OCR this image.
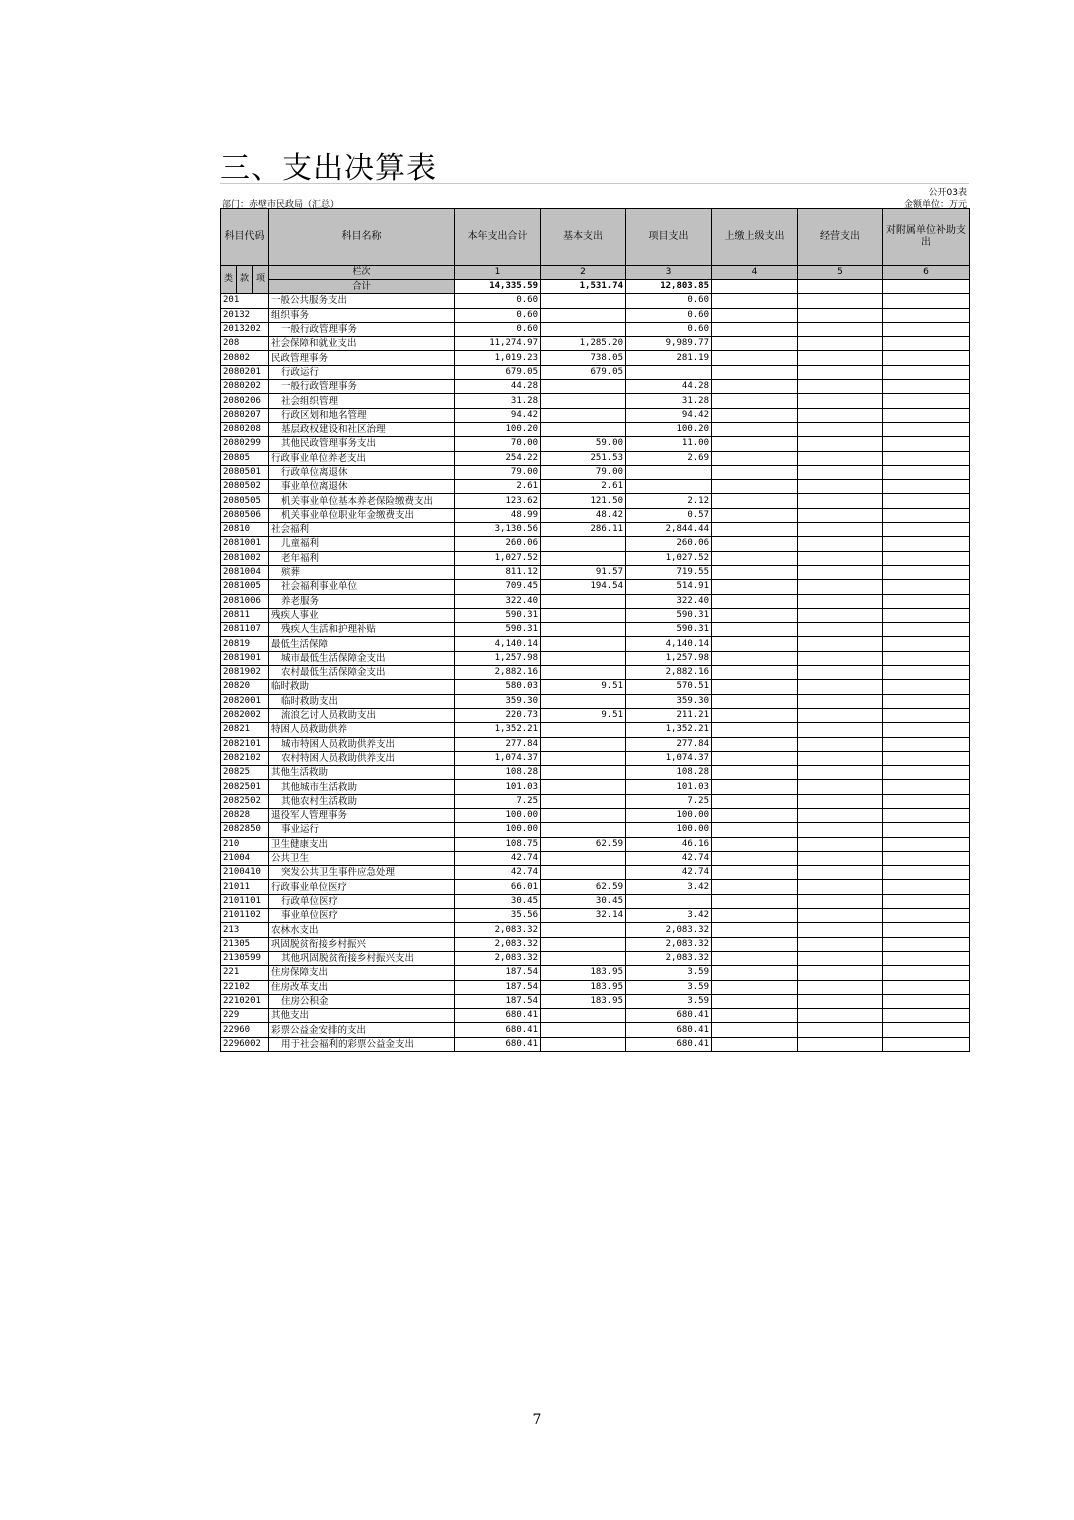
三、支出决算表
公开03表
部门：赤壁市民政局（汇总）	金额单位：万元
科目代码			科目名称	本年支出合计	基本支出	项目支出	上缴上级支出	经营支出	对附属单位补助支出
类	款	项	栏次	1	2	3	4	5	6
			合计	14,335.59	1,531.74	12,803.85			
201			一般公共服务支出	0.60		0.60			
20132			组织事务	0.60		0.60			
2013202			一般行政管理事务	0.60		0.60			
208			社会保障和就业支出	11,274.97	1,285.20	9,989.77			
20802			民政管理事务	1,019.23	738.05	281.19			
2080201			行政运行	679.05	679.05				
2080202			一般行政管理事务	44.28		44.28			
2080206			社会组织管理	31.28		31.28			
2080207			行政区划和地名管理	94.42		94.42			
2080208			基层政权建设和社区治理	100.20		100.20			
2080299			其他民政管理事务支出	70.00	59.00	11.00			
20805			行政事业单位养老支出	254.22	251.53	2.69			
2080501			行政单位离退休	79.00	79.00				
2080502			事业单位离退休	2.61	2.61				
2080505			机关事业单位基本养老保险缴费支出	123.62	121.50	2.12			
2080506			机关事业单位职业年金缴费支出	48.99	48.42	0.57			
20810			社会福利	3,130.56	286.11	2,844.44			
2081001			儿童福利	260.06		260.06			
2081002			老年福利	1,027.52		1,027.52			
2081004			殡葬	811.12	91.57	719.55			
2081005			社会福利事业单位	709.45	194.54	514.91			
2081006			养老服务	322.40		322.40			
20811			残疾人事业	590.31		590.31			
2081107			残疾人生活和护理补贴	590.31		590.31			
20819			最低生活保障	4,140.14		4,140.14			
2081901			城市最低生活保障金支出	1,257.98		1,257.98			
2081902			农村最低生活保障金支出	2,882.16		2,882.16			
20820			临时救助	580.03	9.51	570.51			
2082001			临时救助支出	359.30		359.30			
2082002			流浪乞讨人员救助支出	220.73	9.51	211.21			
20821			特困人员救助供养	1,352.21		1,352.21			
2082101			城市特困人员救助供养支出	277.84		277.84			
2082102			农村特困人员救助供养支出	1,074.37		1,074.37			
20825			其他生活救助	108.28		108.28			
2082501			其他城市生活救助	101.03		101.03			
2082502			其他农村生活救助	7.25		7.25			
20828			退役军人管理事务	100.00		100.00			
2082850			事业运行	100.00		100.00			
210			卫生健康支出	108.75	62.59	46.16			
21004			公共卫生	42.74		42.74			
2100410			突发公共卫生事件应急处理	42.74		42.74			
21011			行政事业单位医疗	66.01	62.59	3.42			
2101101			行政单位医疗	30.45	30.45				
2101102			事业单位医疗	35.56	32.14	3.42			
213			农林水支出	2,083.32		2,083.32			
21305			巩固脱贫衔接乡村振兴	2,083.32		2,083.32			
2130599			其他巩固脱贫衔接乡村振兴支出	2,083.32		2,083.32			
221			住房保障支出	187.54	183.95	3.59			
22102			住房改革支出	187.54	183.95	3.59			
2210201			住房公积金	187.54	183.95	3.59			
229			其他支出	680.41		680.41			
22960			彩票公益金安排的支出	680.41		680.41			
2296002			用于社会福利的彩票公益金支出	680.41		680.41			
7
